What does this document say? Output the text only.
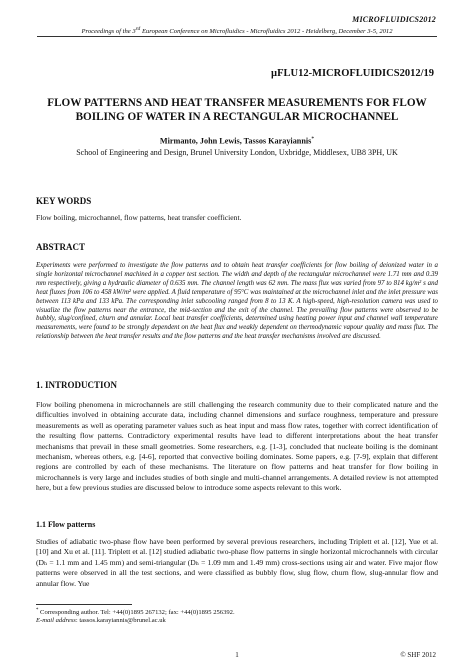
MICROFLUIDICS2012
Proceedings of the 3rd European Conference on Microfluidics - Microfluidics 2012 - Heidelberg, December 3-5, 2012
µFLU12-MICROFLUIDICS2012/19
FLOW PATTERNS AND HEAT TRANSFER MEASUREMENTS FOR FLOW
BOILING OF WATER IN A RECTANGULAR MICROCHANNEL
Mirmanto, John Lewis, Tassos Karayiannis*
School of Engineering and Design, Brunel University London, Uxbridge, Middlesex, UB8 3PH, UK
KEY WORDS
Flow boiling, microchannel, flow patterns, heat transfer coefficient.
ABSTRACT
Experiments were performed to investigate the flow patterns and to obtain heat transfer coefficients for flow boiling of deionized water in a single horizontal microchannel machined in a copper test section. The width and depth of the rectangular microchannel were 1.71 mm and 0.39 mm respectively, giving a hydraulic diameter of 0.635 mm. The channel length was 62 mm. The mass flux was varied from 97 to 814 kg/m² s and heat fluxes from 106 to 458 kW/m² were applied. A fluid temperature of 95°C was maintained at the microchannel inlet and the inlet pressure was between 113 kPa and 133 kPa. The corresponding inlet subcooling ranged from 8 to 13 K. A high-speed, high-resolution camera was used to visualize the flow patterns near the entrance, the mid-section and the exit of the channel. The prevailing flow patterns were observed to be bubbly, slug/confined, churn and annular. Local heat transfer coefficients, determined using heating power input and channel wall temperature measurements, were found to be strongly dependent on the heat flux and weakly dependent on thermodynamic vapour quality and mass flux. The relationship between the heat transfer results and the flow patterns and the heat transfer mechanisms involved are discussed.
1. INTRODUCTION
Flow boiling phenomena in microchannels are still challenging the research community due to their complicated nature and the difficulties involved in obtaining accurate data, including channel dimensions and surface roughness, temperature and pressure measurements as well as operating parameter values such as heat input and mass flow rates, together with correct identification of the resulting flow patterns. Contradictory experimental results have lead to different interpretations about the heat transfer mechanisms that prevail in these small geometries. Some researchers, e.g. [1-3], concluded that nucleate boiling is the dominant mechanism, whereas others, e.g. [4-6], reported that convective boiling dominates. Some papers, e.g. [7-9], explain that different regions are controlled by each of these mechanisms. The literature on flow patterns and heat transfer for flow boiling in microchannels is very large and includes studies of both single and multi-channel arrangements. A detailed review is not attempted here, but a few previous studies are discussed below to introduce some aspects relevant to this work.
1.1 Flow patterns
Studies of adiabatic two-phase flow have been performed by several previous researchers, including Triplett et al. [12], Yue et al. [10] and Xu et al. [11]. Triplett et al. [12] studied adiabatic two-phase flow patterns in single horizontal microchannels with circular (Dₕ = 1.1 mm and 1.45 mm) and semi-triangular (Dₕ = 1.09 mm and 1.49 mm) cross-sections using air and water. Five major flow patterns were observed in all the test sections, and were classified as bubbly flow, slug flow, churn flow, slug-annular flow and annular flow. Yue
* Corresponding author. Tel: +44(0)1895 267132; fax: +44(0)1895 256392.
E-mail address: tassos.karayiannis@brunel.ac.uk
1	© SHF 2012
